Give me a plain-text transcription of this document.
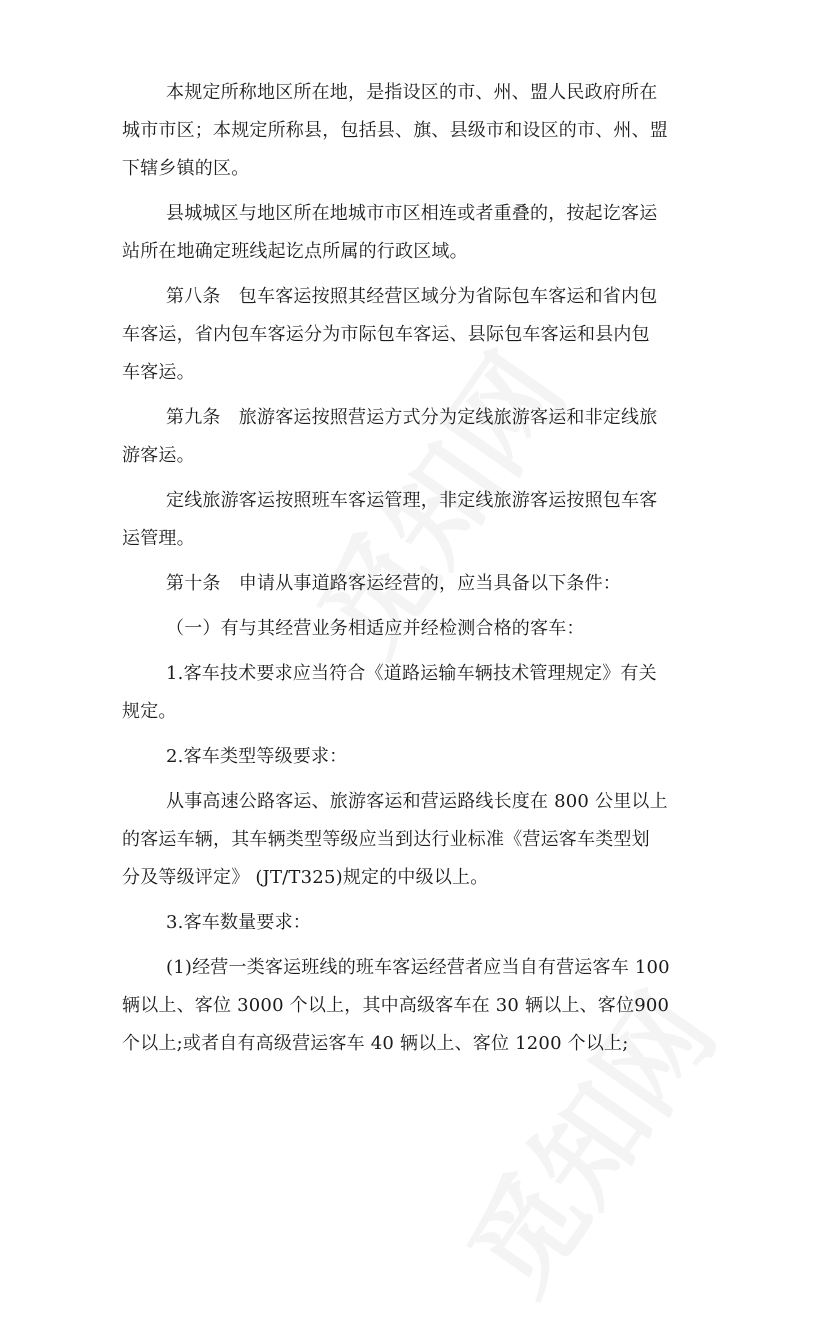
本规定所称地区所在地，是指设区的市、州、盟人民政府所在
城市市区；本规定所称县，包括县、旗、县级市和设区的市、州、盟
下辖乡镇的区。

县城城区与地区所在地城市市区相连或者重叠的，按起讫客运
站所在地确定班线起讫点所属的行政区域。

第八条　包车客运按照其经营区域分为省际包车客运和省内包
车客运，省内包车客运分为市际包车客运、县际包车客运和县内包
车客运。

第九条　旅游客运按照营运方式分为定线旅游客运和非定线旅
游客运。

定线旅游客运按照班车客运管理，非定线旅游客运按照包车客
运管理。

第十条　申请从事道路客运经营的，应当具备以下条件：

（一）有与其经营业务相适应并经检测合格的客车：

1.客车技术要求应当符合《道路运输车辆技术管理规定》有关
规定。

2.客车类型等级要求：

从事高速公路客运、旅游客运和营运路线长度在 800 公里以上
的客运车辆，其车辆类型等级应当到达行业标准《营运客车类型划
分及等级评定》 (JT/T325)规定的中级以上。

3.客车数量要求：

(1)经营一类客运班线的班车客运经营者应当自有营运客车 100
辆以上、客位 3000 个以上，其中高级客车在 30 辆以上、客位900
个以上;或者自有高级营运客车 40 辆以上、客位 1200 个以上;
